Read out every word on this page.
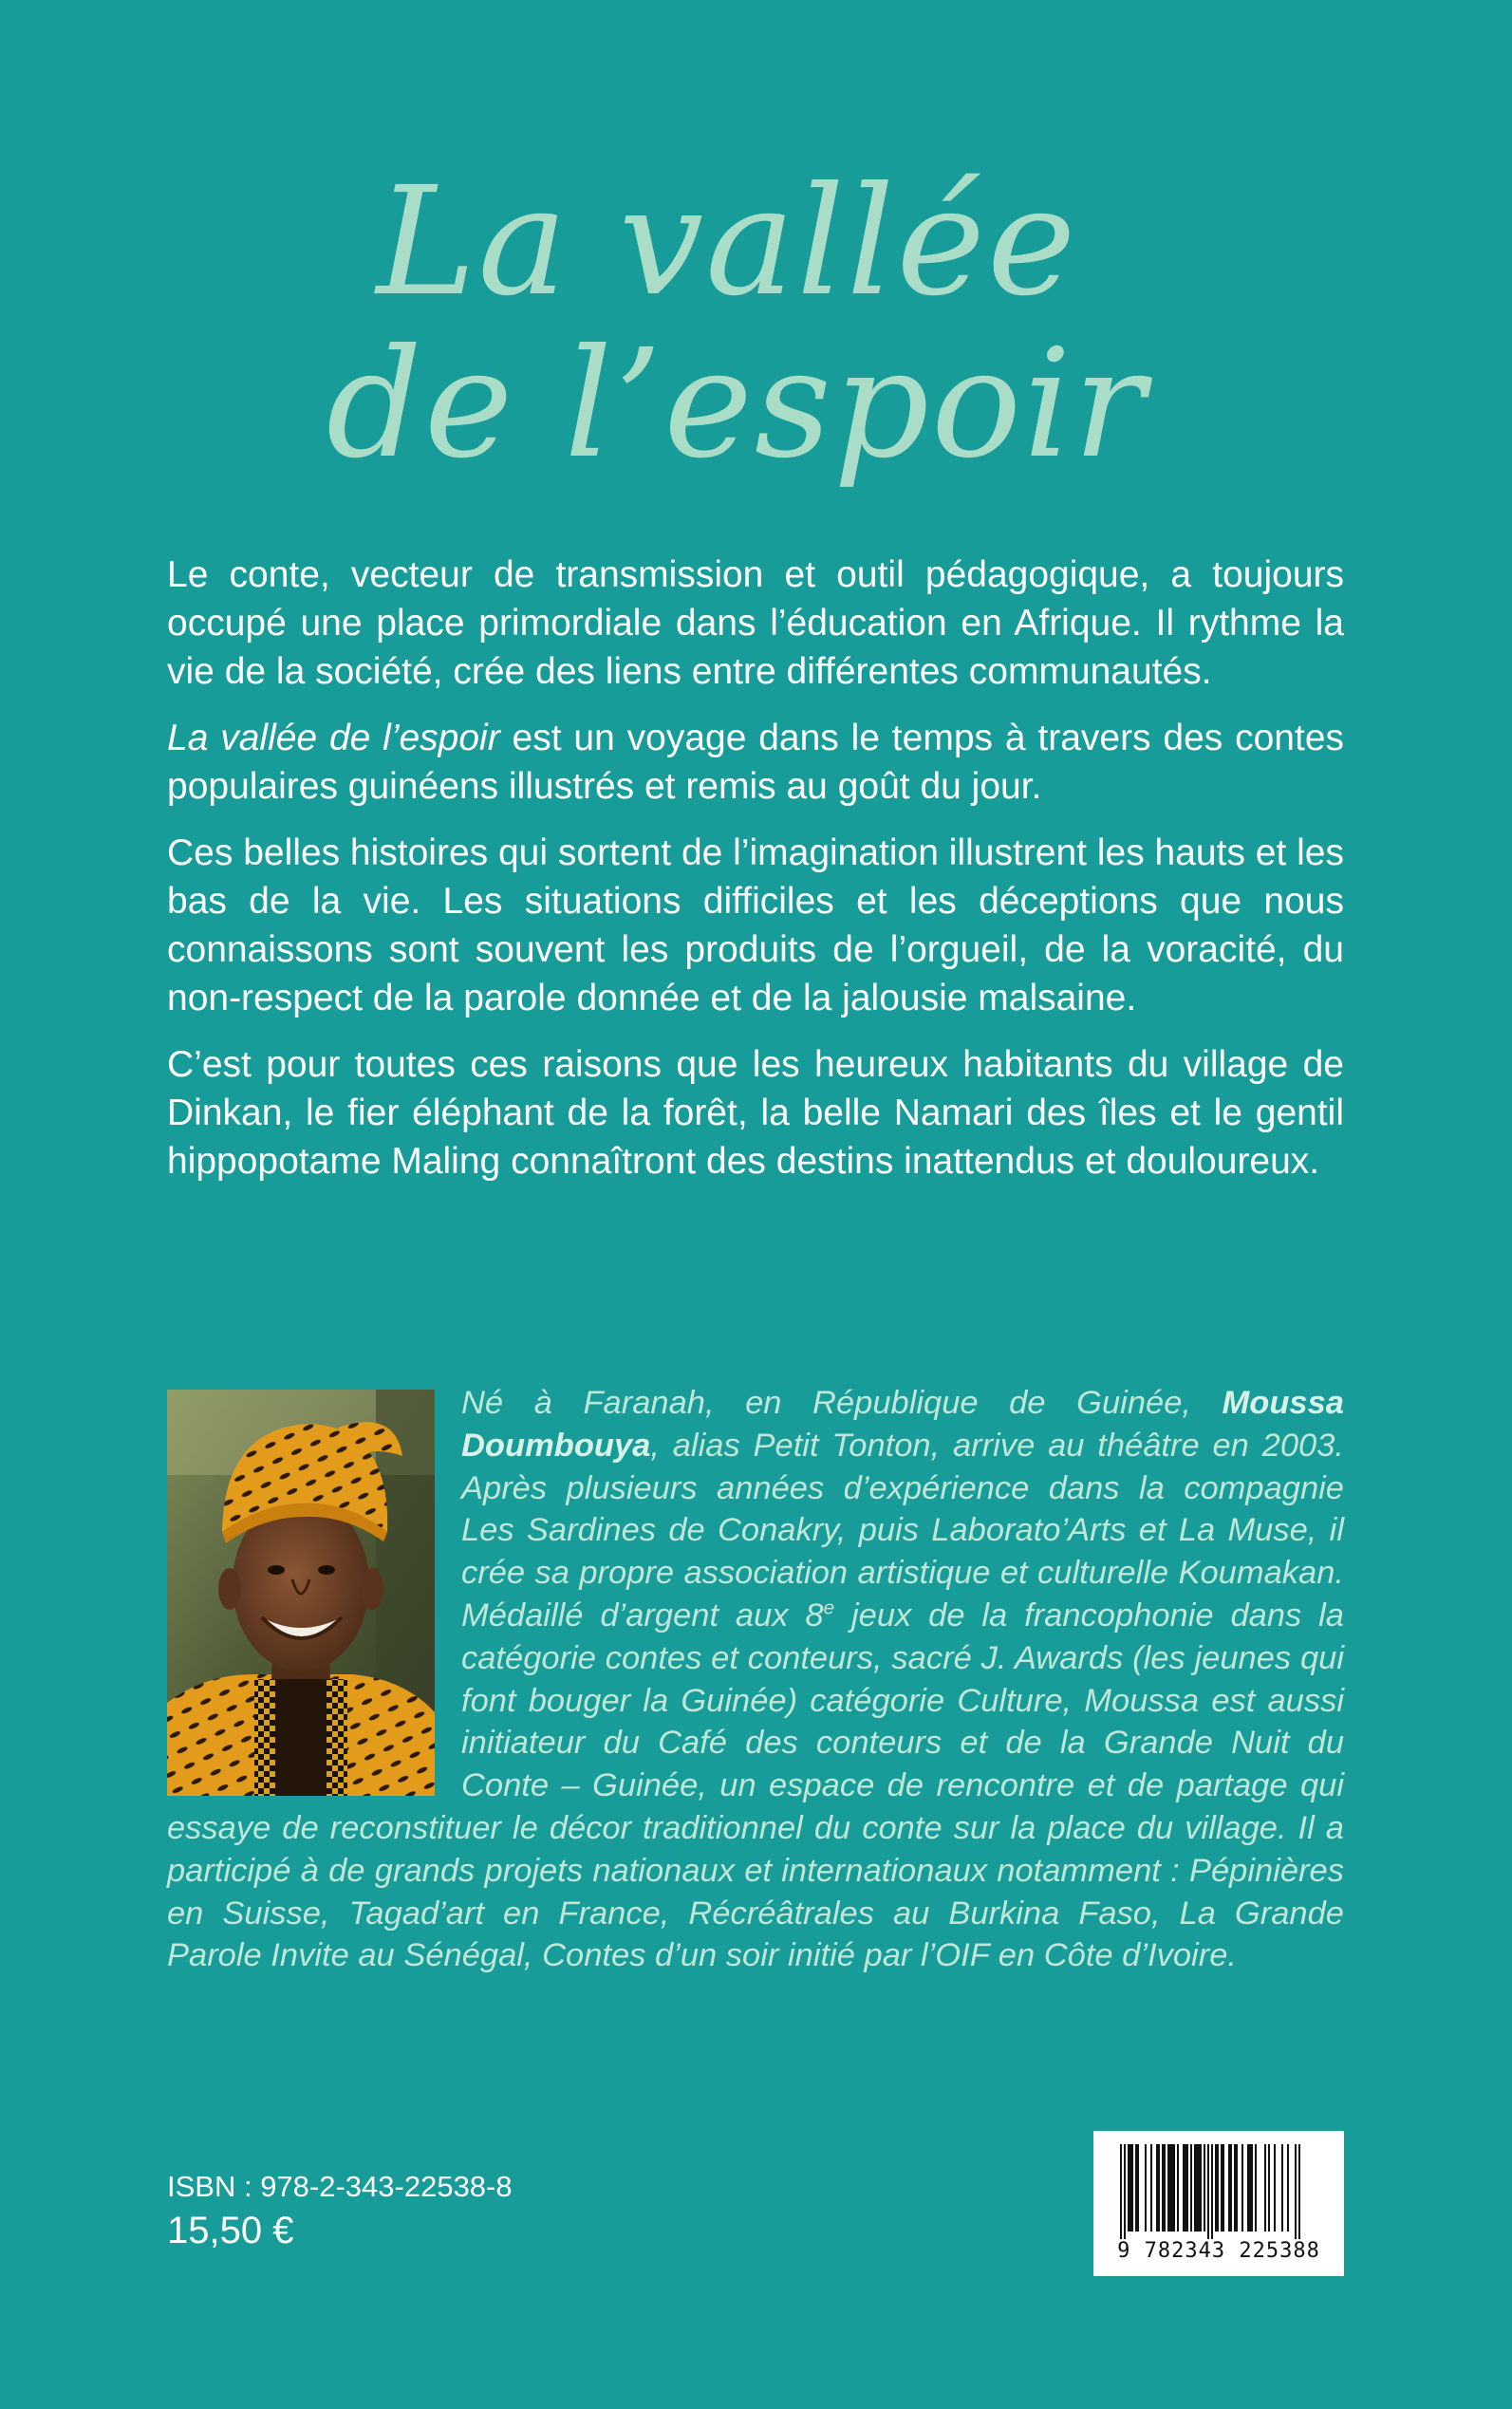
La vallée
de l’espoir

Le conte, vecteur de transmission et outil pédagogique, a toujours occupé une place primordiale dans l’éducation en Afrique. Il rythme la vie de la société, crée des liens entre différentes communautés.

La vallée de l’espoir est un voyage dans le temps à travers des contes populaires guinéens illustrés et remis au goût du jour.

Ces belles histoires qui sortent de l’imagination illustrent les hauts et les bas de la vie. Les situations difficiles et les déceptions que nous connaissons sont souvent les produits de l’orgueil, de la voracité, du non-respect de la parole donnée et de la jalousie malsaine.

C’est pour toutes ces raisons que les heureux habitants du village de Dinkan, le fier éléphant de la forêt, la belle Namari des îles et le gentil hippopotame Maling connaîtront des destins inattendus et douloureux.

Né à Faranah, en République de Guinée, Moussa Doumbouya, alias Petit Tonton, arrive au théâtre en 2003. Après plusieurs années d’expérience dans la compagnie Les Sardines de Conakry, puis Laborato’Arts et La Muse, il crée sa propre association artistique et culturelle Koumakan. Médaillé d’argent aux 8e jeux de la francophonie dans la catégorie contes et conteurs, sacré J. Awards (les jeunes qui font bouger la Guinée) catégorie Culture, Moussa est aussi initiateur du Café des conteurs et de la Grande Nuit du Conte – Guinée, un espace de rencontre et de partage qui essaye de reconstituer le décor traditionnel du conte sur la place du village. Il a participé à de grands projets nationaux et internationaux notamment : Pépinières en Suisse, Tagad’art en France, Récréâtrales au Burkina Faso, La Grande Parole Invite au Sénégal, Contes d’un soir initié par l’OIF en Côte d’Ivoire.
ISBN : 978-2-343-22538-8
15,50 €	9 782343 225388
